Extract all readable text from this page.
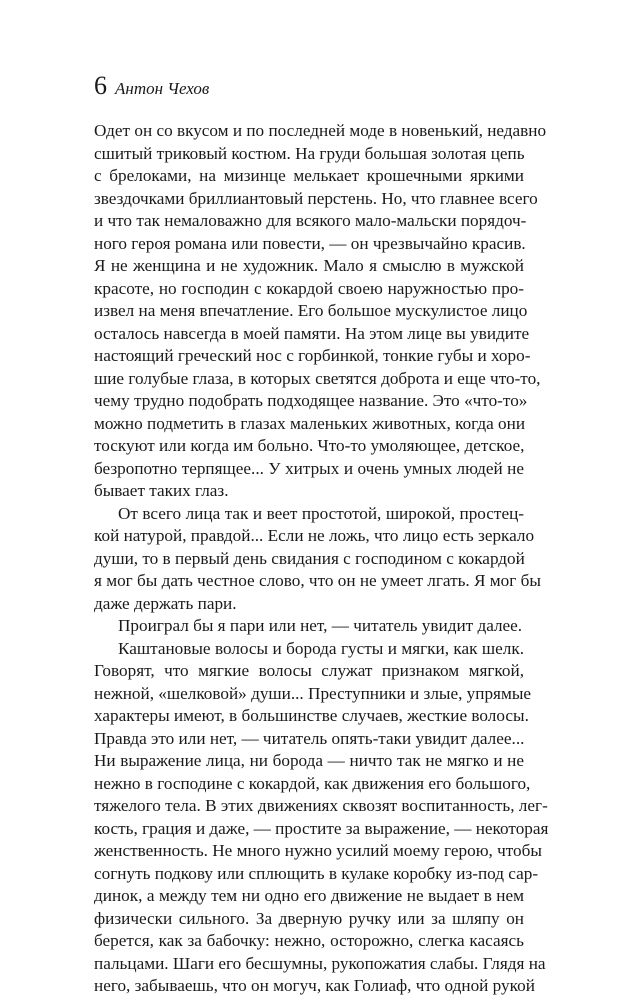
6 Антон Чехов
Одет он со вкусом и по последней моде в новенький, недавно
сшитый триковый костюм. На груди большая золотая цепь
с брелоками, на мизинце мелькает крошечными яркими
звездочками бриллиантовый перстень. Но, что главнее всего
и что так немаловажно для всякого мало-мальски порядоч-
ного героя романа или повести, — он чрезвычайно красив.
Я не женщина и не художник. Мало я смыслю в мужской
красоте, но господин с кокардой своею наружностью про-
извел на меня впечатление. Его большое мускулистое лицо
осталось навсегда в моей памяти. На этом лице вы увидите
настоящий греческий нос с горбинкой, тонкие губы и хоро-
шие голубые глаза, в которых светятся доброта и еще что-то,
чему трудно подобрать подходящее название. Это «что-то»
можно подметить в глазах маленьких животных, когда они
тоскуют или когда им больно. Что-то умоляющее, детское,
безропотно терпящее... У хитрых и очень умных людей не
бывает таких глаз.
От всего лица так и веет простотой, широкой, простец-
кой натурой, правдой... Если не ложь, что лицо есть зеркало
души, то в первый день свидания с господином с кокардой
я мог бы дать честное слово, что он не умеет лгать. Я мог бы
даже держать пари.
Проиграл бы я пари или нет, — читатель увидит далее.
Каштановые волосы и борода густы и мягки, как шелк.
Говорят, что мягкие волосы служат признаком мягкой,
нежной, «шелковой» души... Преступники и злые, упрямые
характеры имеют, в большинстве случаев, жесткие волосы.
Правда это или нет, — читатель опять-таки увидит далее...
Ни выражение лица, ни борода — ничто так не мягко и не
нежно в господине с кокардой, как движения его большого,
тяжелого тела. В этих движениях сквозят воспитанность, лег-
кость, грация и даже, — простите за выражение, — некоторая
женственность. Не много нужно усилий моему герою, чтобы
согнуть подкову или сплющить в кулаке коробку из-под сар-
динок, а между тем ни одно его движение не выдает в нем
физически сильного. За дверную ручку или за шляпу он
берется, как за бабочку: нежно, осторожно, слегка касаясь
пальцами. Шаги его бесшумны, рукопожатия слабы. Глядя на
него, забываешь, что он могуч, как Голиаф, что одной рукой
